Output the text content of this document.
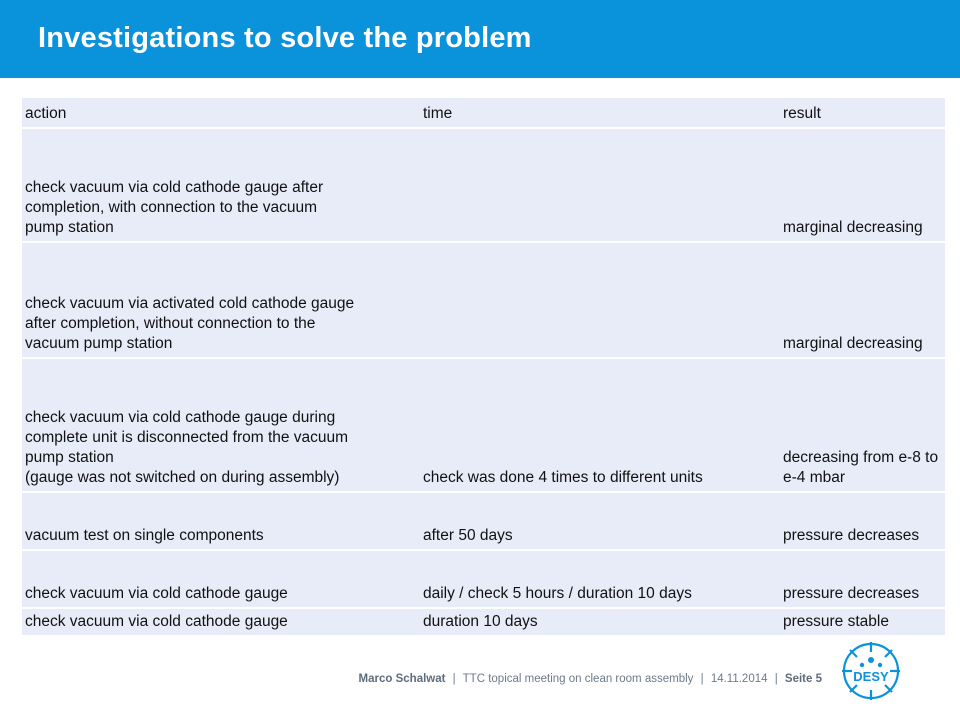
Investigations to solve the problem
action	time	result

check vacuum via cold cathode gauge after
completion, with connection to the vacuum
pump station		marginal decreasing

check vacuum via activated cold cathode gauge
after completion, without connection to the
vacuum pump station		marginal decreasing

check vacuum via cold cathode gauge during
complete unit is disconnected from the vacuum
pump station
(gauge was not switched on during assembly)	check was done 4 times to different units	decreasing from e-8 to e-4 mbar

vacuum test on single components	after 50 days	pressure decreases

check vacuum via cold cathode gauge	daily / check 5 hours / duration 10 days	pressure decreases

check vacuum via cold cathode gauge	duration 10 days	pressure stable
Marco Schalwat | TTC topical meeting on clean room assembly | 14.11.2014 | Seite 5 DESY
